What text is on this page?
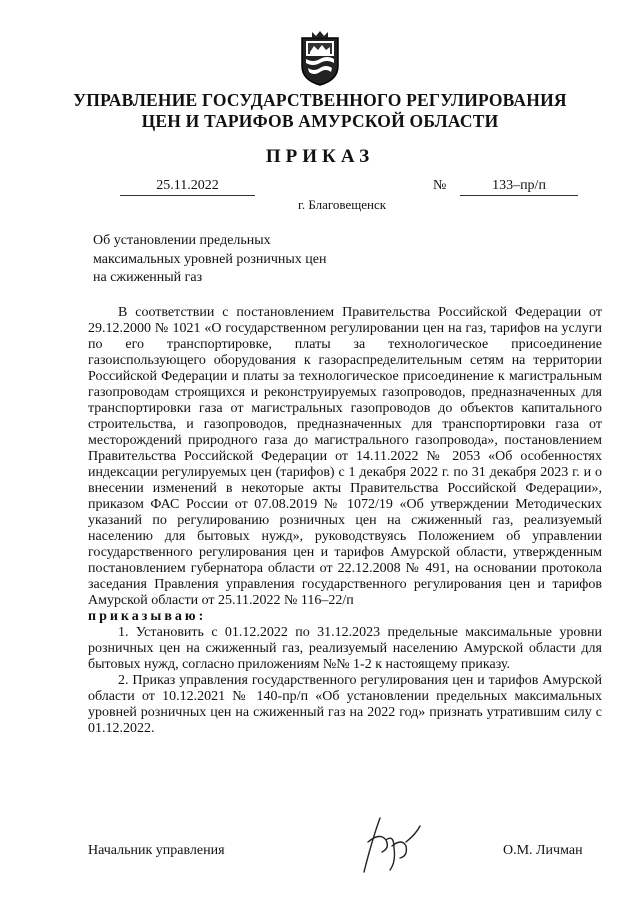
УПРАВЛЕНИЕ ГОСУДАРСТВЕННОГО РЕГУЛИРОВАНИЯ
ЦЕН И ТАРИФОВ АМУРСКОЙ ОБЛАСТИ
ПРИКАЗ
25.11.2022	№	133–пр/п
г. Благовещенск
Об установлении предельных
максимальных уровней розничных цен
на сжиженный газ

В соответствии с постановлением Правительства Российской Федерации от 29.12.2000 № 1021 «О государственном регулировании цен на газ, тарифов на услуги по его транспортировке, платы за технологическое присоединение газоиспользующего оборудования к газораспределительным сетям на территории Российской Федерации и платы за технологическое присоединение к магистральным газопроводам строящихся и реконструируемых газопроводов, предназначенных для транспортировки газа от магистральных газопроводов до объектов капитального строительства, и газопроводов, предназначенных для транспортировки газа от месторождений природного газа до магистрального газопровода», постановлением Правительства Российской Федерации от 14.11.2022 № 2053 «Об особенностях индексации регулируемых цен (тарифов) с 1 декабря 2022 г. по 31 декабря 2023 г. и о внесении изменений в некоторые акты Правительства Российской Федерации», приказом ФАС России от 07.08.2019 № 1072/19 «Об утверждении Методических указаний по регулированию розничных цен на сжиженный газ, реализуемый населению для бытовых нужд», руководствуясь Положением об управлении государственного регулирования цен и тарифов Амурской области, утвержденным постановлением губернатора области от 22.12.2008 № 491, на основании протокола заседания Правления управления государственного регулирования цен и тарифов Амурской области от 25.11.2022 № 116–22/п

приказываю:

1. Установить с 01.12.2022 по 31.12.2023 предельные максимальные уровни розничных цен на сжиженный газ, реализуемый населению Амурской области для бытовых нужд, согласно приложениям №№ 1-2 к настоящему приказу.

2. Приказ управления государственного регулирования цен и тарифов Амурской области от 10.12.2021 № 140-пр/п «Об установлении предельных максимальных уровней розничных цен на сжиженный газ на 2022 год» признать утратившим силу с 01.12.2022.

Начальник управления	О.М. Личман
